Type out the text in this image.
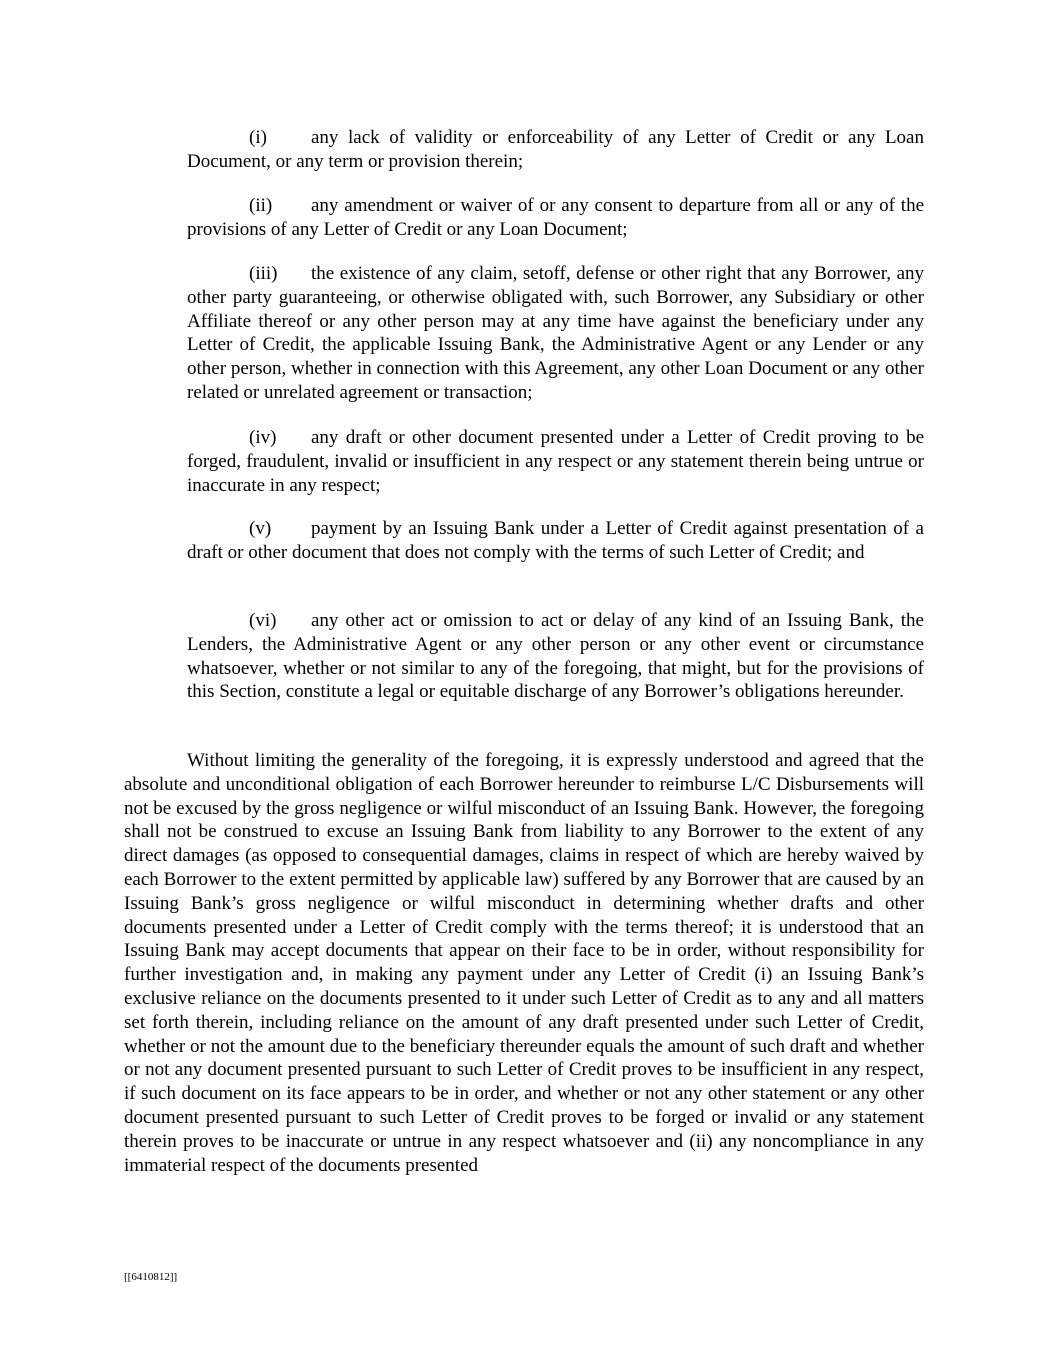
(i) any lack of validity or enforceability of any Letter of Credit or any Loan Document, or any term or provision therein;
(ii) any amendment or waiver of or any consent to departure from all or any of the provisions of any Letter of Credit or any Loan Document;
(iii) the existence of any claim, setoff, defense or other right that any Borrower, any other party guaranteeing, or otherwise obligated with, such Borrower, any Subsidiary or other Affiliate thereof or any other person may at any time have against the beneficiary under any Letter of Credit, the applicable Issuing Bank, the Administrative Agent or any Lender or any other person, whether in connection with this Agreement, any other Loan Document or any other related or unrelated agreement or transaction;
(iv) any draft or other document presented under a Letter of Credit proving to be forged, fraudulent, invalid or insufficient in any respect or any statement therein being untrue or inaccurate in any respect;
(v) payment by an Issuing Bank under a Letter of Credit against presentation of a draft or other document that does not comply with the terms of such Letter of Credit; and
(vi) any other act or omission to act or delay of any kind of an Issuing Bank, the Lenders, the Administrative Agent or any other person or any other event or circumstance whatsoever, whether or not similar to any of the foregoing, that might, but for the provisions of this Section, constitute a legal or equitable discharge of any Borrower’s obligations hereunder.
Without limiting the generality of the foregoing, it is expressly understood and agreed that the absolute and unconditional obligation of each Borrower hereunder to reimburse L/C Disbursements will not be excused by the gross negligence or wilful misconduct of an Issuing Bank. However, the foregoing shall not be construed to excuse an Issuing Bank from liability to any Borrower to the extent of any direct damages (as opposed to consequential damages, claims in respect of which are hereby waived by each Borrower to the extent permitted by applicable law) suffered by any Borrower that are caused by an Issuing Bank’s gross negligence or wilful misconduct in determining whether drafts and other documents presented under a Letter of Credit comply with the terms thereof; it is understood that an Issuing Bank may accept documents that appear on their face to be in order, without responsibility for further investigation and, in making any payment under any Letter of Credit (i) an Issuing Bank’s exclusive reliance on the documents presented to it under such Letter of Credit as to any and all matters set forth therein, including reliance on the amount of any draft presented under such Letter of Credit, whether or not the amount due to the beneficiary thereunder equals the amount of such draft and whether or not any document presented pursuant to such Letter of Credit proves to be insufficient in any respect, if such document on its face appears to be in order, and whether or not any other statement or any other document presented pursuant to such Letter of Credit proves to be forged or invalid or any statement therein proves to be inaccurate or untrue in any respect whatsoever and (ii) any noncompliance in any immaterial respect of the documents presented
[[6410812]]
